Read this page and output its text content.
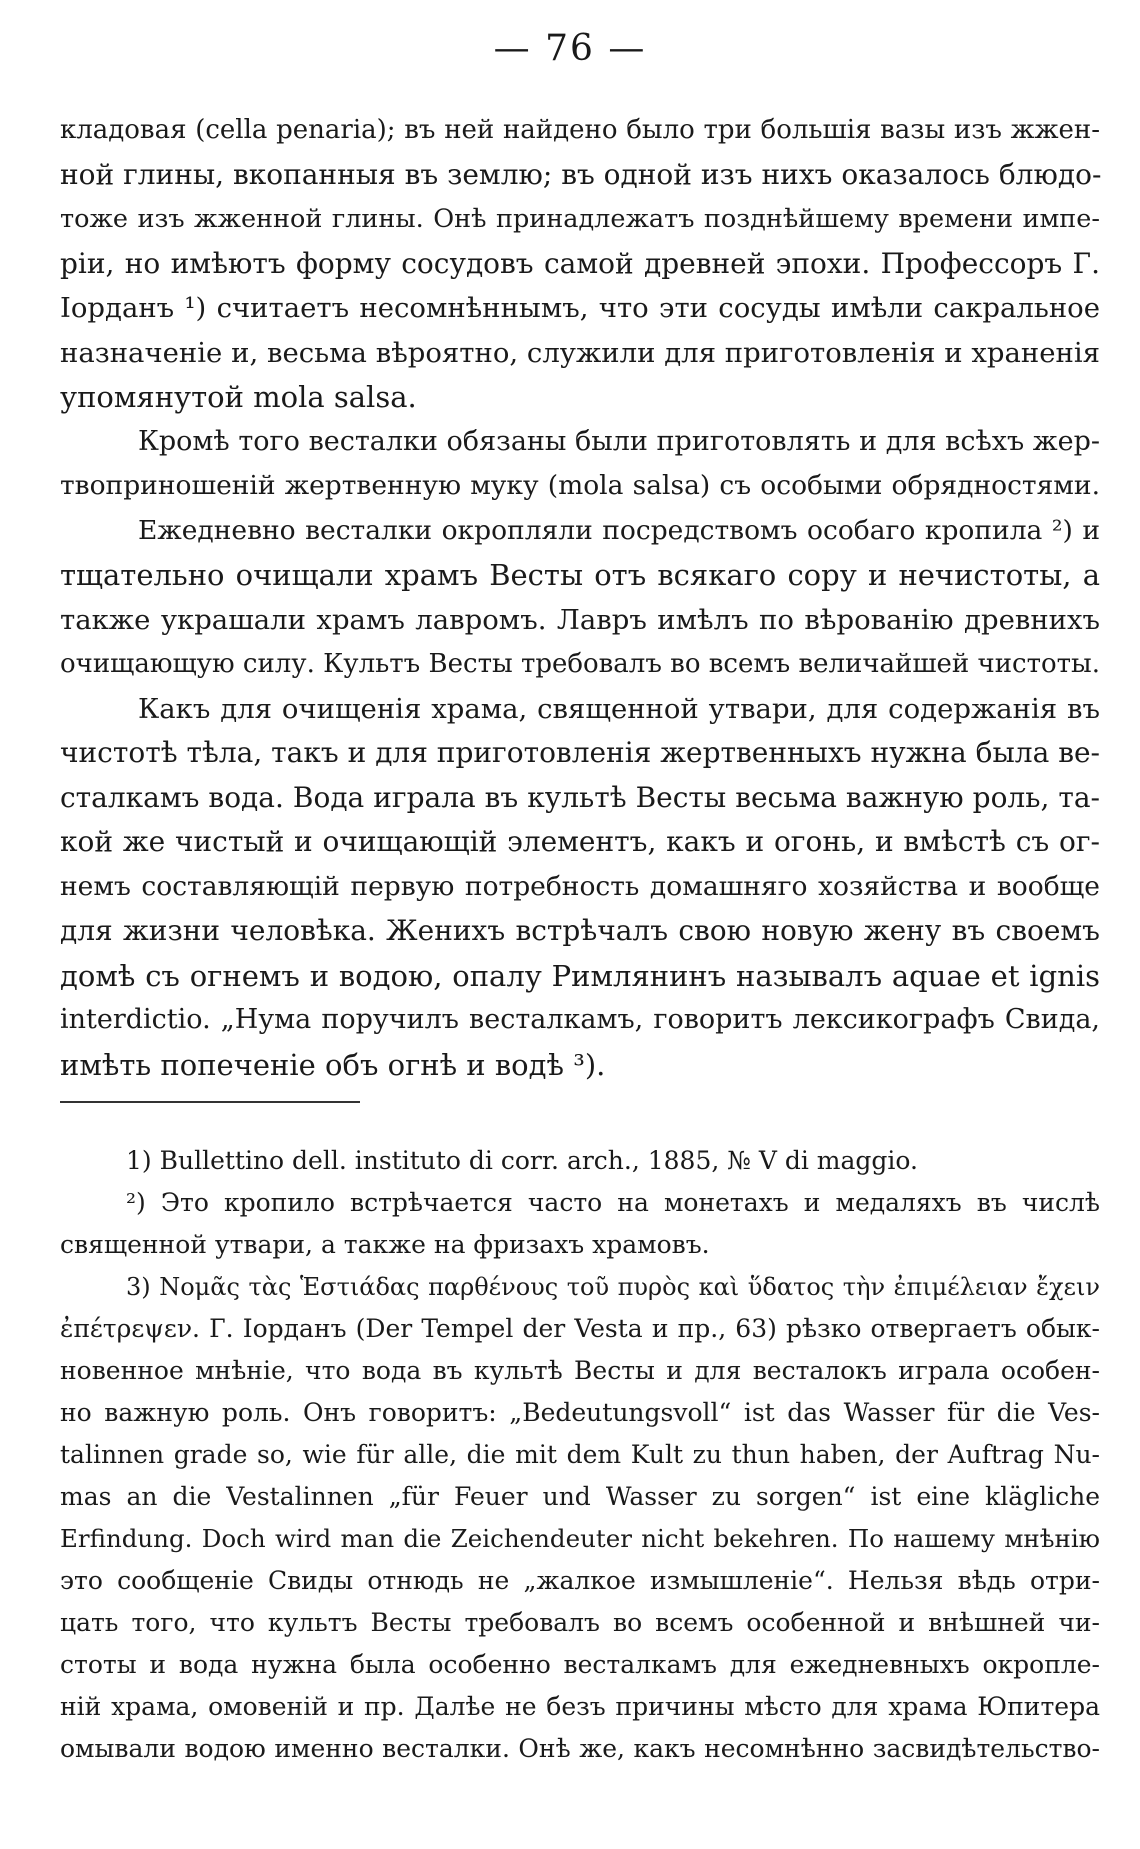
— 76 —
кладовая (cella penaria); въ ней найдено было три большія вазы изъ жжен-
ной глины, вкопанныя въ землю; въ одной изъ нихъ оказалось блюдо-
тоже изъ жженной глины. Онѣ принадлежатъ позднѣйшему времени импе-
ріи, но имѣютъ форму сосудовъ самой древней эпохи. Профессоръ Г.
Іорданъ ¹) считаетъ несомнѣннымъ, что эти сосуды имѣли сакральное
назначеніе и, весьма вѣроятно, служили для приготовленія и храненія
упомянутой mola salsa.
Кромѣ того весталки обязаны были приготовлять и для всѣхъ жер-
твоприношеній жертвенную муку (mola salsa) съ особыми обрядностями.
Ежедневно весталки окропляли посредствомъ особаго кропила ²) и
тщательно очищали храмъ Весты отъ всякаго сору и нечистоты, а
также украшали храмъ лавромъ. Лавръ имѣлъ по вѣрованію древнихъ
очищающую силу. Культъ Весты требовалъ во всемъ величайшей чистоты.
Какъ для очищенія храма, священной утвари, для содержанія въ
чистотѣ тѣла, такъ и для приготовленія жертвенныхъ нужна была ве-
сталкамъ вода. Вода играла въ культѣ Весты весьма важную роль, та-
кой же чистый и очищающій элементъ, какъ и огонь, и вмѣстѣ съ ог-
немъ составляющій первую потребность домашняго хозяйства и вообще
для жизни человѣка. Женихъ встрѣчалъ свою новую жену въ своемъ
домѣ съ огнемъ и водою, опалу Римлянинъ называлъ aquae et ignis
interdictio. „Нума поручилъ весталкамъ, говоритъ лексикографъ Свида,
имѣть попеченіе объ огнѣ и водѣ ³).
1) Bullettino dell. instituto di corr. arch., 1885, № V di maggio.
²) Это кропило встрѣчается часто на монетахъ и медаляхъ въ числѣ
священной утвари, а также на фризахъ храмовъ.
3) Νομᾶς τὰς Ἑστιάδας παρθένους τοῦ πυρὸς καὶ ὕδατος τὴν ἐπιμέλειαν ἔχειν
ἐπέτρεψεν. Г. Іорданъ (Der Tempel der Vesta и пр., 63) рѣзко отвергаетъ обык-
новенное мнѣніе, что вода въ культѣ Весты и для весталокъ играла особен-
но важную роль. Онъ говоритъ: „Bedeutungsvoll“ ist das Wasser für die Ves-
talinnen grade so, wie für alle, die mit dem Kult zu thun haben, der Auftrag Nu-
mas an die Vestalinnen „für Feuer und Wasser zu sorgen“ ist eine klägliche
Erfindung. Doch wird man die Zeichendeuter nicht bekehren. По нашему мнѣнію
это сообщеніе Свиды отнюдь не „жалкое измышленіе“. Нельзя вѣдь отри-
цать того, что культъ Весты требовалъ во всемъ особенной и внѣшней чи-
стоты и вода нужна была особенно весталкамъ для ежедневныхъ окропле-
ній храма, омовеній и пр. Далѣе не безъ причины мѣсто для храма Юпитера
омывали водою именно весталки. Онѣ же, какъ несомнѣнно засвидѣтельство-
